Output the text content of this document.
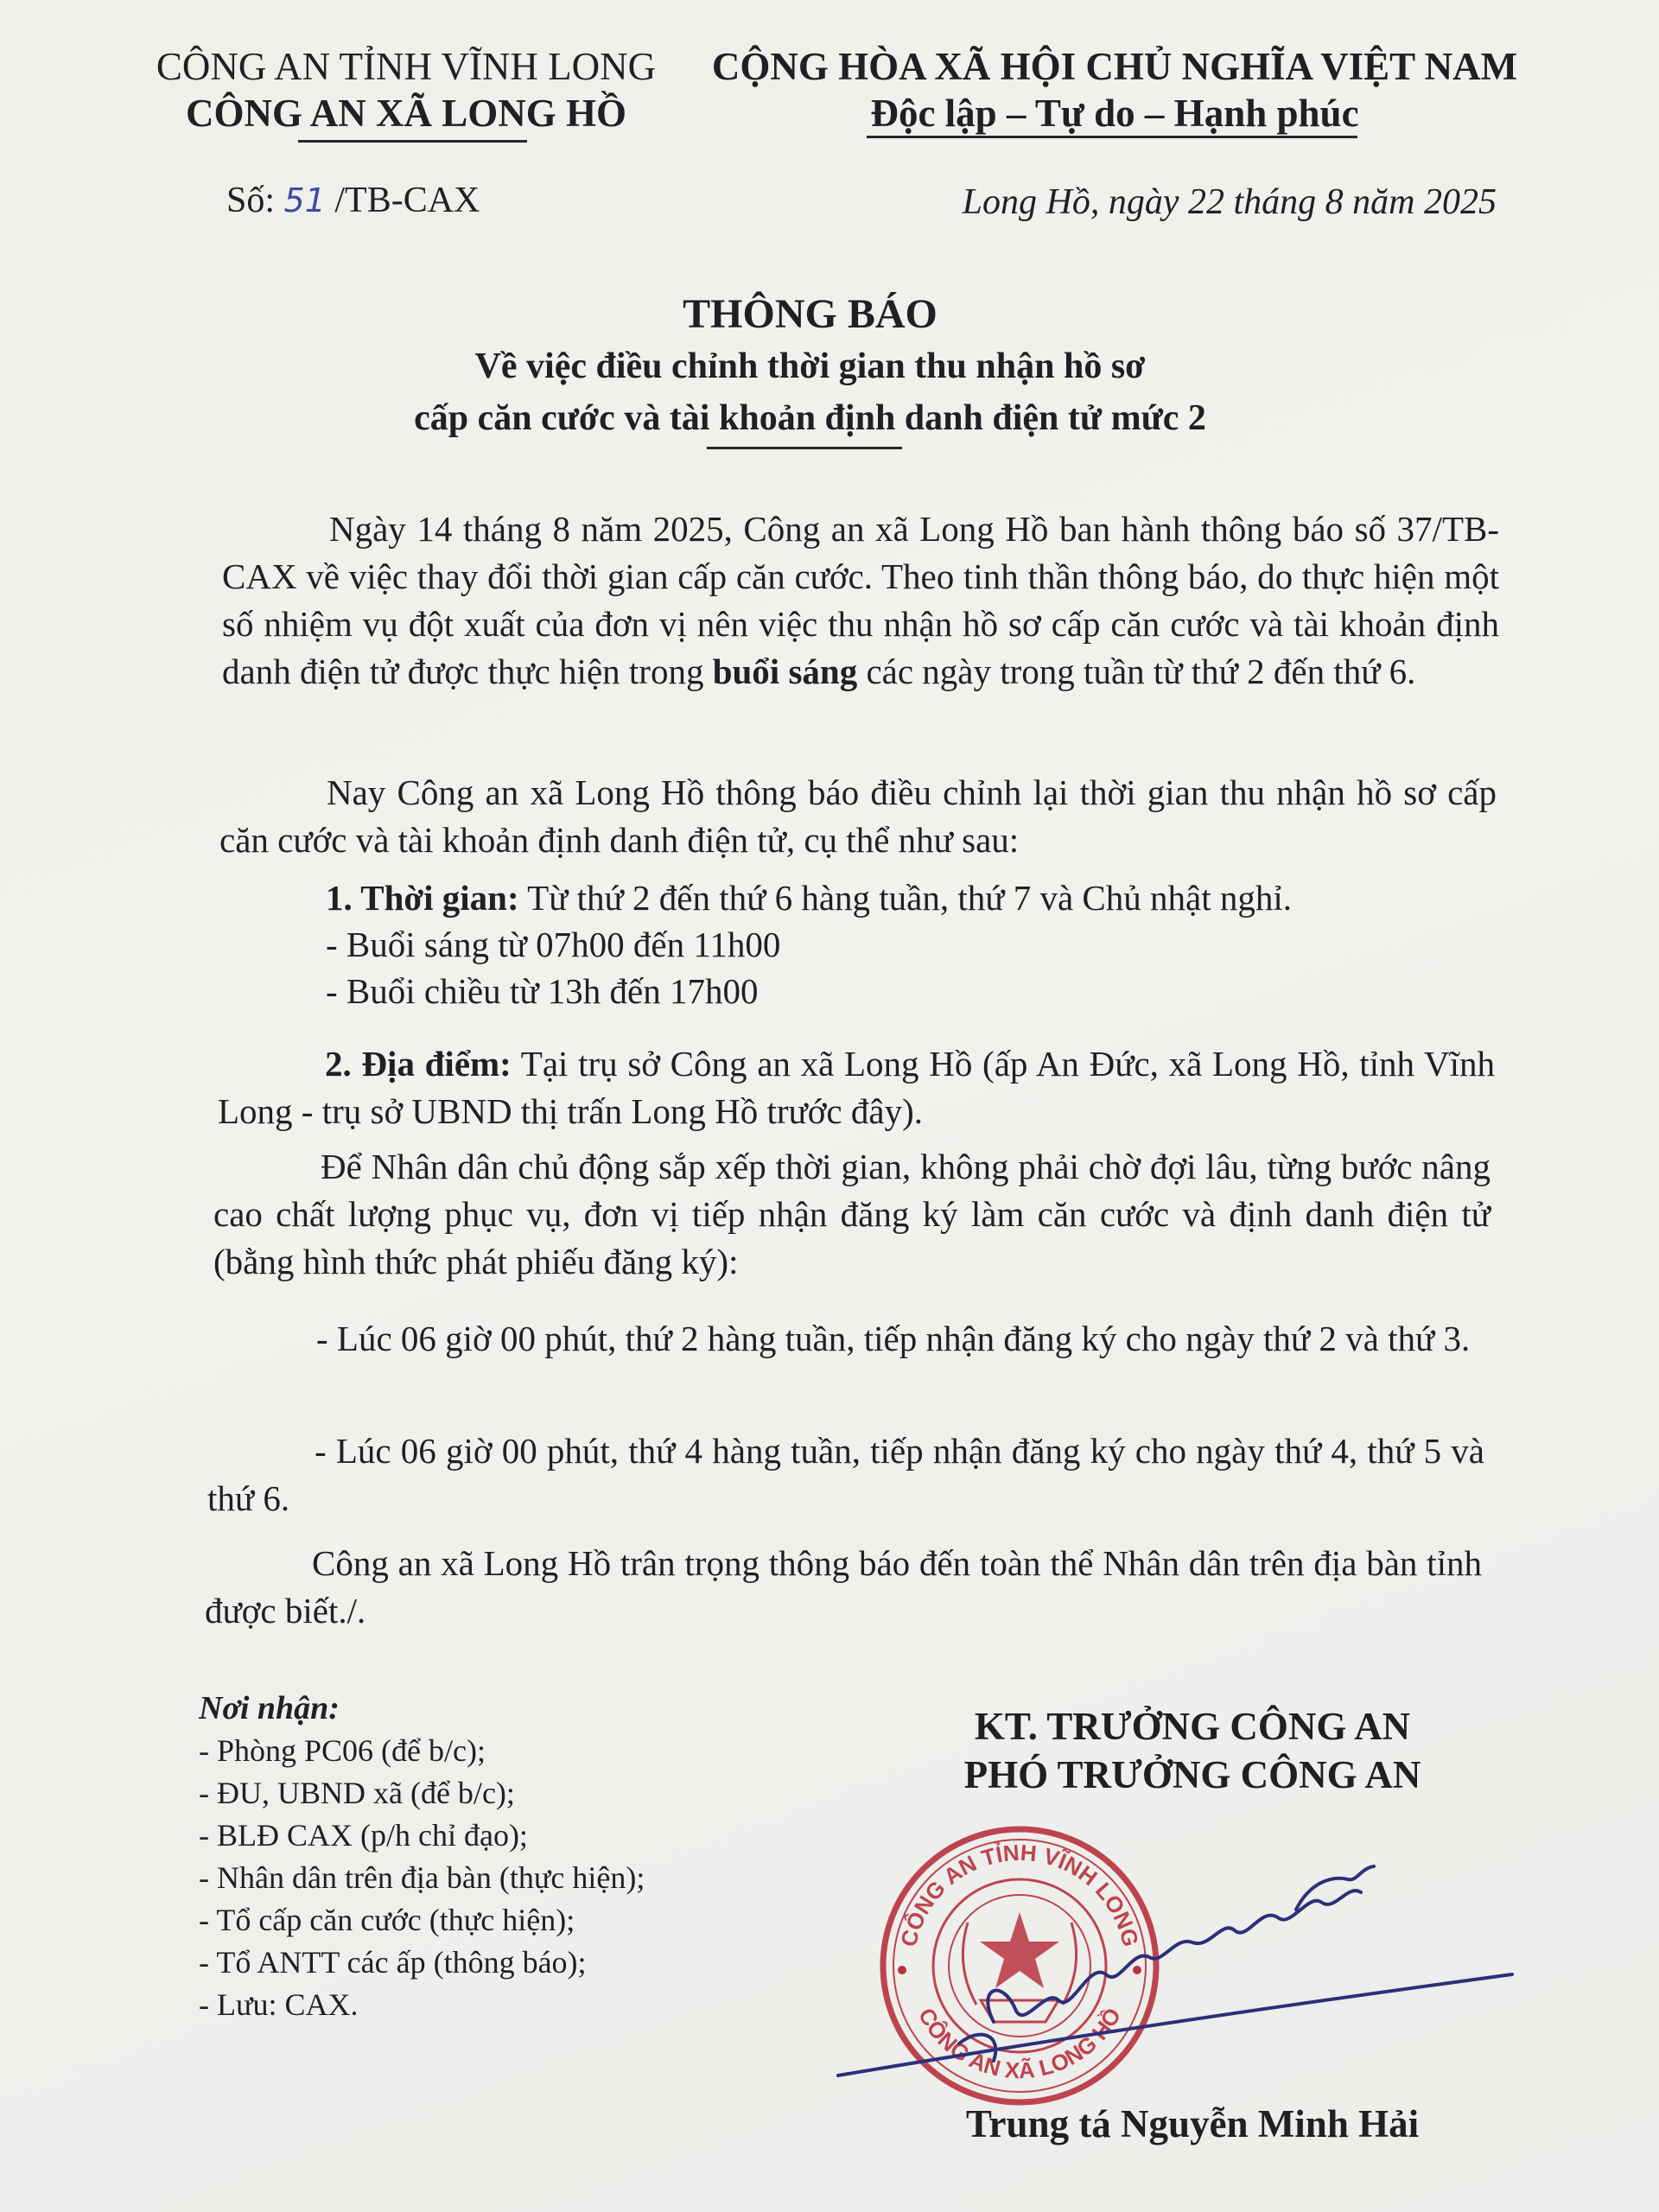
CÔNG AN TỈNH VĨNH LONG
CÔNG AN XÃ LONG HỒ
CỘNG HÒA XÃ HỘI CHỦ NGHĨA VIỆT NAM
Độc lập – Tự do – Hạnh phúc
Số: 51 /TB-CAX	Long Hồ, ngày 22 tháng 8 năm 2025
THÔNG BÁO
Về việc điều chỉnh thời gian thu nhận hồ sơ
cấp căn cước và tài khoản định danh điện tử mức 2
Ngày 14 tháng 8 năm 2025, Công an xã Long Hồ ban hành thông báo số 37/TB-CAX về việc thay đổi thời gian cấp căn cước. Theo tinh thần thông báo, do thực hiện một số nhiệm vụ đột xuất của đơn vị nên việc thu nhận hồ sơ cấp căn cước và tài khoản định danh điện tử được thực hiện trong buổi sáng các ngày trong tuần từ thứ 2 đến thứ 6.
Nay Công an xã Long Hồ thông báo điều chỉnh lại thời gian thu nhận hồ sơ cấp căn cước và tài khoản định danh điện tử, cụ thể như sau:
1. Thời gian: Từ thứ 2 đến thứ 6 hàng tuần, thứ 7 và Chủ nhật nghỉ.
- Buổi sáng từ 07h00 đến 11h00
- Buổi chiều từ 13h đến 17h00
2. Địa điểm: Tại trụ sở Công an xã Long Hồ (ấp An Đức, xã Long Hồ, tỉnh Vĩnh Long - trụ sở UBND thị trấn Long Hồ trước đây).
Để Nhân dân chủ động sắp xếp thời gian, không phải chờ đợi lâu, từng bước nâng cao chất lượng phục vụ, đơn vị tiếp nhận đăng ký làm căn cước và định danh điện tử (bằng hình thức phát phiếu đăng ký):
- Lúc 06 giờ 00 phút, thứ 2 hàng tuần, tiếp nhận đăng ký cho ngày thứ 2 và thứ 3.
- Lúc 06 giờ 00 phút, thứ 4 hàng tuần, tiếp nhận đăng ký cho ngày thứ 4, thứ 5 và thứ 6.
Công an xã Long Hồ trân trọng thông báo đến toàn thể Nhân dân trên địa bàn tỉnh được biết./.
Nơi nhận:
- Phòng PC06 (để b/c);
- ĐU, UBND xã (để b/c);
- BLĐ CAX (p/h chỉ đạo);
- Nhân dân trên địa bàn (thực hiện);
- Tổ cấp căn cước (thực hiện);
- Tổ ANTT các ấp (thông báo);
- Lưu: CAX.
KT. TRƯỞNG CÔNG AN
PHÓ TRƯỞNG CÔNG AN
CÔNG AN TỈNH VĨNH LONG
CÔNG AN XÃ LONG HỒ
Trung tá Nguyễn Minh Hải
